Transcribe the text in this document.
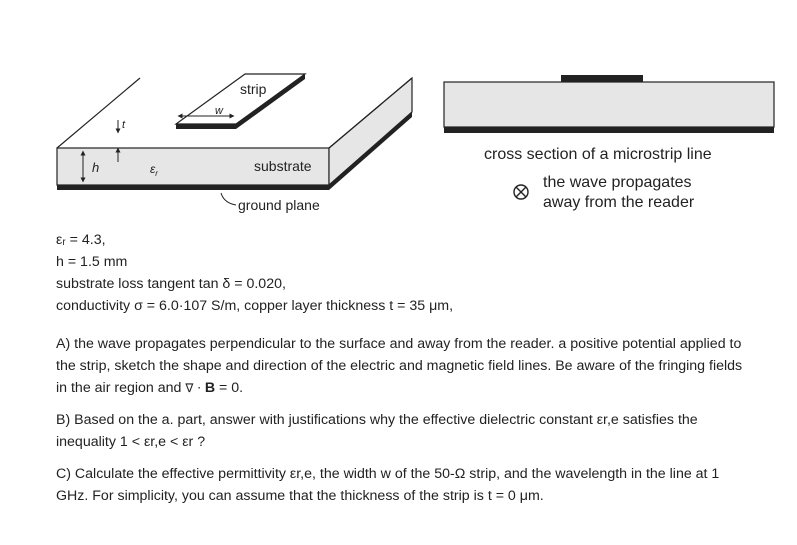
w
strip
t
h	$\varepsilon_r$	substrate
ground plane
cross section of a microstrip line
the wave propagates
away from the reader
εᵣ = 4.3,
h = 1.5 mm
substrate loss tangent tan δ = 0.020,
conductivity σ = 6.0·107 S/m, copper layer thickness t = 35 μm,
A) the wave propagates perpendicular to the surface and away from the reader. a positive potential applied to the strip, sketch the shape and direction of the electric and magnetic field lines. Be aware of the fringing fields in the air region and ∇ · B = 0.
B) Based on the a. part, answer with justifications why the effective dielectric constant εr,e satisfies the inequality 1 < εr,e < εr ?
C) Calculate the effective permittivity εr,e, the width w of the 50-Ω strip, and the wavelength in the line at 1 GHz. For simplicity, you can assume that the thickness of the strip is t = 0 μm.
